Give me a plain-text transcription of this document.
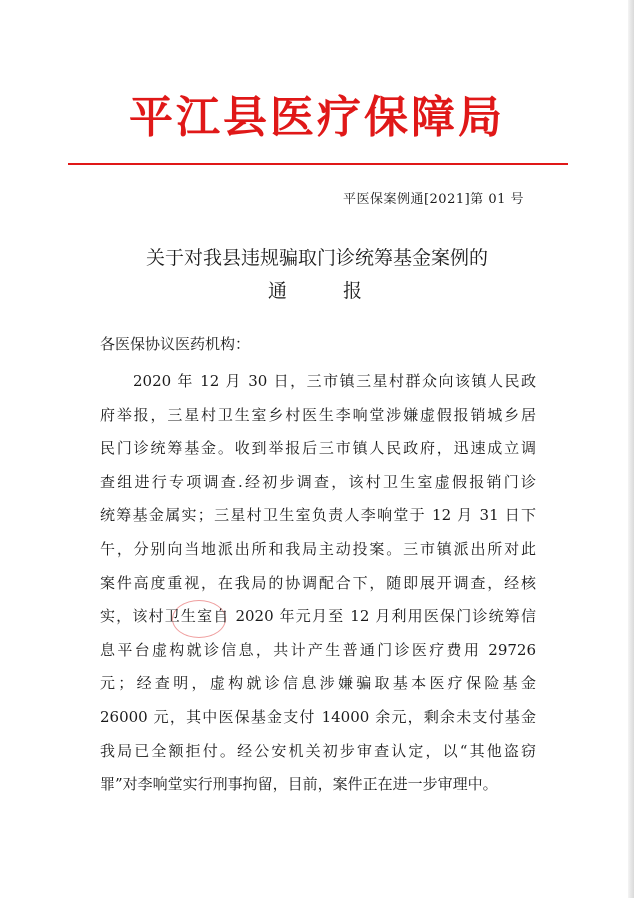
平江县医疗保障局
平医保案例通[2021]第 01 号
关于对我县违规骗取门诊统筹基金案例的
通	报
各医保协议医药机构：
　　2020 年 12 月 30 日，三市镇三星村群众向该镇人民政
府举报，三星村卫生室乡村医生李响堂涉嫌虚假报销城乡居
民门诊统筹基金。收到举报后三市镇人民政府，迅速成立调
查组进行专项调查.经初步调查，该村卫生室虚假报销门诊
统筹基金属实；三星村卫生室负责人李响堂于 12 月 31 日下
午，分别向当地派出所和我局主动投案。三市镇派出所对此
案件高度重视，在我局的协调配合下，随即展开调查，经核
实，该村卫生室自 2020 年元月至 12 月利用医保门诊统筹信
息平台虚构就诊信息，共计产生普通门诊医疗费用 29726
元；经查明，虚构就诊信息涉嫌骗取基本医疗保险基金
26000 元，其中医保基金支付 14000 余元，剩余未支付基金
我局已全额拒付。经公安机关初步审查认定，以“其他盗窃
罪”对李响堂实行刑事拘留，目前，案件正在进一步审理中。
